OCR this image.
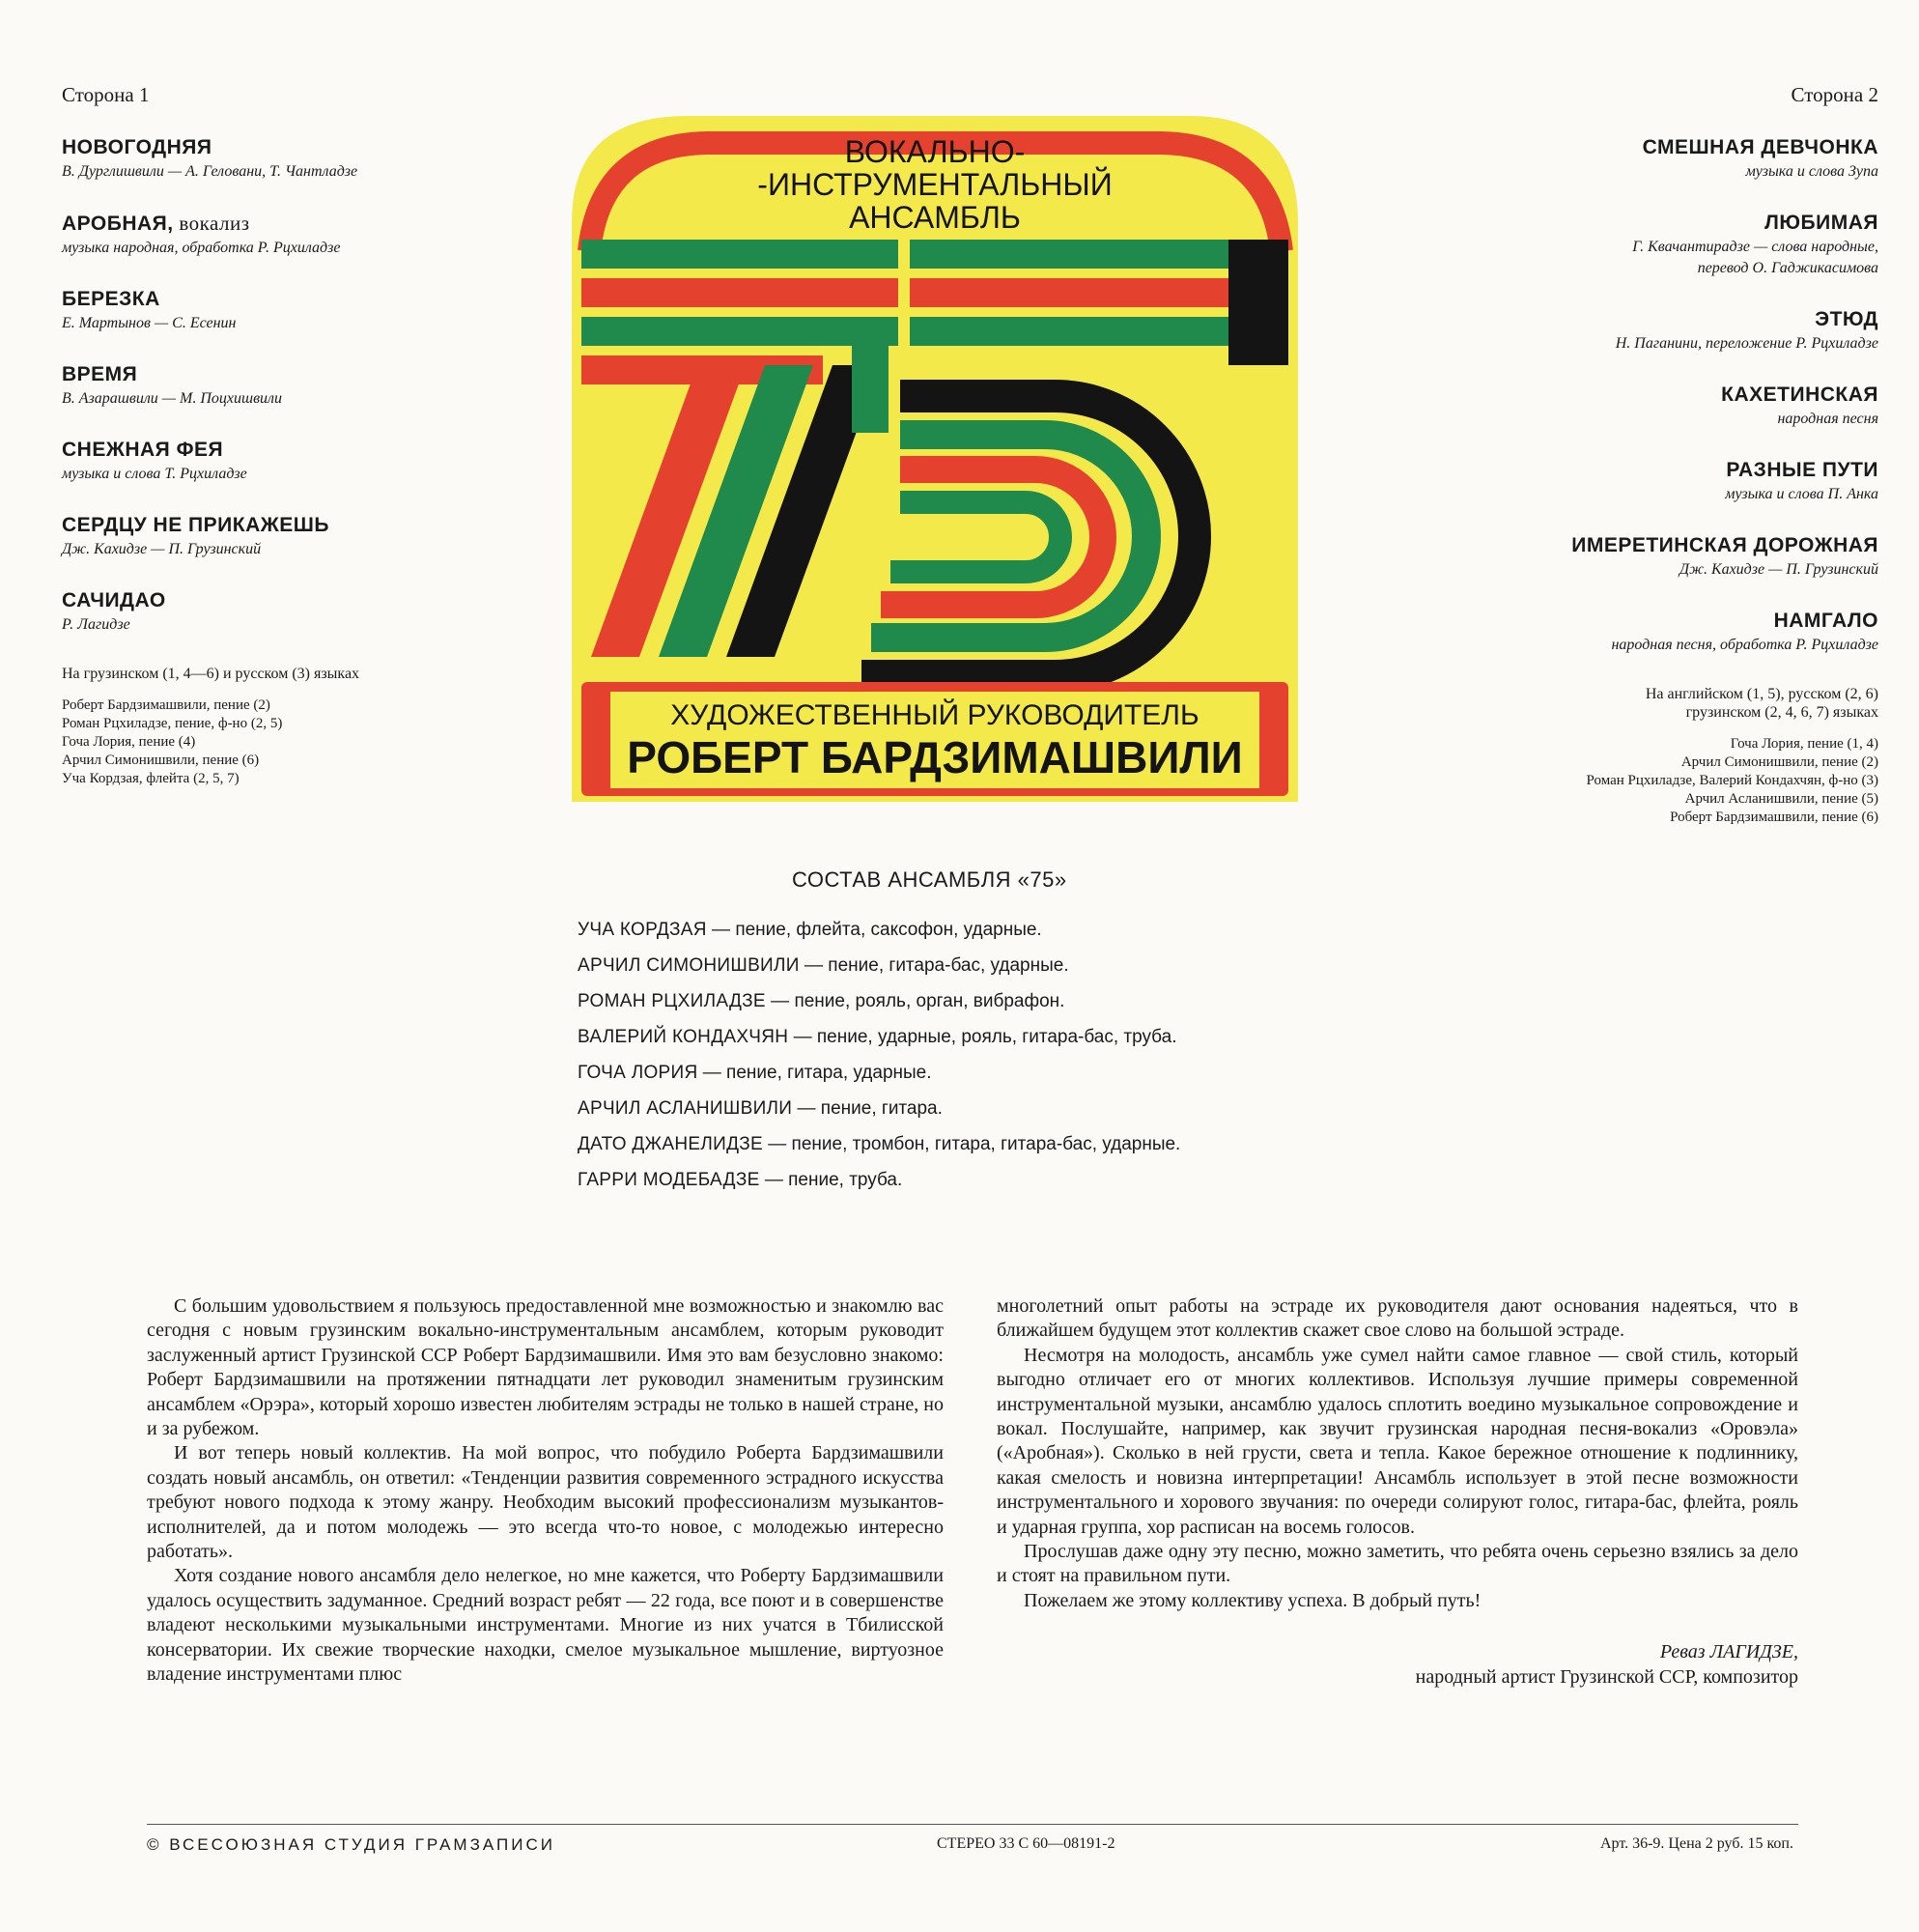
Сторона 1
НОВОГОДНЯЯ
В. Дурглишвили — А. Геловани, Т. Чантладзе
АРОБНАЯ, вокализ
музыка народная, обработка Р. Рцхиладзе
БЕРЕЗКА
Е. Мартынов — С. Есенин
ВРЕМЯ
В. Азарашвили — М. Поцхишвили
СНЕЖНАЯ ФЕЯ
музыка и слова Т. Рцхиладзе
СЕРДЦУ НЕ ПРИКАЖЕШЬ
Дж. Кахидзе — П. Грузинский
САЧИДАО
Р. Лагидзе
На грузинском (1, 4—6) и русском (3) языках
Роберт Бардзимашвили, пение (2)
Роман Рцхиладзе, пение, ф-но (2, 5)
Гоча Лория, пение (4)
Арчил Симонишвили, пение (6)
Уча Кордзая, флейта (2, 5, 7)
Сторона 2
СМЕШНАЯ ДЕВЧОНКА
музыка и слова Зупа
ЛЮБИМАЯ
Г. Квачантирадзе — слова народные,
перевод О. Гаджикасимова
ЭТЮД
Н. Паганини, переложение Р. Рцхиладзе
КАХЕТИНСКАЯ
народная песня
РАЗНЫЕ ПУТИ
музыка и слова П. Анка
ИМЕРЕТИНСКАЯ ДОРОЖНАЯ
Дж. Кахидзе — П. Грузинский
НАМГАЛО
народная песня, обработка Р. Рцхиладзе
На английском (1, 5), русском (2, 6)
грузинском (2, 4, 6, 7) языках
Гоча Лория, пение (1, 4)
Арчил Симонишвили, пение (2)
Роман Рцхиладзе, Валерий Кондахчян, ф-но (3)
Арчил Асланишвили, пение (5)
Роберт Бардзимашвили, пение (6)
ВОКАЛЬНО-
-ИНСТРУМЕНТАЛЬНЫЙ
АНСАМБЛЬ
ХУДОЖЕСТВЕННЫЙ РУКОВОДИТЕЛЬ
РОБЕРТ БАРДЗИМАШВИЛИ
СОСТАВ АНСАМБЛЯ «75»
УЧА КОРДЗАЯ — пение, флейта, саксофон, ударные.
АРЧИЛ СИМОНИШВИЛИ — пение, гитара-бас, ударные.
РОМАН РЦХИЛАДЗЕ — пение, рояль, орган, вибрафон.
ВАЛЕРИЙ КОНДАХЧЯН — пение, ударные, рояль, гитара-бас, труба.
ГОЧА ЛОРИЯ — пение, гитара, ударные.
АРЧИЛ АСЛАНИШВИЛИ — пение, гитара.
ДАТО ДЖАНЕЛИДЗЕ — пение, тромбон, гитара, гитара-бас, ударные.
ГАРРИ МОДЕБАДЗЕ — пение, труба.

С большим удовольствием я пользуюсь предоставленной мне возможностью и знакомлю вас сегодня с новым грузинским вокально-инструментальным ансамблем, которым руководит заслуженный артист Грузинской ССР Роберт Бардзимашвили. Имя это вам безусловно знакомо: Роберт Бардзимашвили на протяжении пятнадцати лет руководил знаменитым грузинским ансамблем «Орэра», который хорошо известен любителям эстрады не только в нашей стране, но и за рубежом.

И вот теперь новый коллектив. На мой вопрос, что побудило Роберта Бардзимашвили создать новый ансамбль, он ответил: «Тенденции развития современного эстрадного искусства требуют нового подхода к этому жанру. Необходим высокий профессионализм музыкантов-исполнителей, да и потом молодежь — это всегда что-то новое, с молодежью интересно работать».

Хотя создание нового ансамбля дело нелегкое, но мне кажется, что Роберту Бардзимашвили удалось осуществить задуманное. Средний возраст ребят — 22 года, все поют и в совершенстве владеют несколькими музыкальными инструментами. Многие из них учатся в Тбилисской консерватории. Их свежие творческие находки, смелое музыкальное мышление, виртуозное владение инструментами плюс

многолетний опыт работы на эстраде их руководителя дают основания надеяться, что в ближайшем будущем этот коллектив скажет свое слово на большой эстраде.

Несмотря на молодость, ансамбль уже сумел найти самое главное — свой стиль, который выгодно отличает его от многих коллективов. Используя лучшие примеры современной инструментальной музыки, ансамблю удалось сплотить воедино музыкальное сопровождение и вокал. Послушайте, например, как звучит грузинская народная песня-вокализ «Оровэла» («Аробная»). Сколько в ней грусти, света и тепла. Какое бережное отношение к подлиннику, какая смелость и новизна интерпретации! Ансамбль использует в этой песне возможности инструментального и хорового звучания: по очереди солируют голос, гитара-бас, флейта, рояль и ударная группа, хор расписан на восемь голосов.

Прослушав даже одну эту песню, можно заметить, что ребята очень серьезно взялись за дело и стоят на правильном пути.

Пожелаем же этому коллективу успеха. В добрый путь!

Реваз ЛАГИДЗЕ,
народный артист Грузинской ССР, композитор
© ВСЕСОЮЗНАЯ СТУДИЯ ГРАМЗАПИСИ	СТЕРЕО 33 С 60—08191-2	Арт. 36-9. Цена 2 руб. 15 коп.
